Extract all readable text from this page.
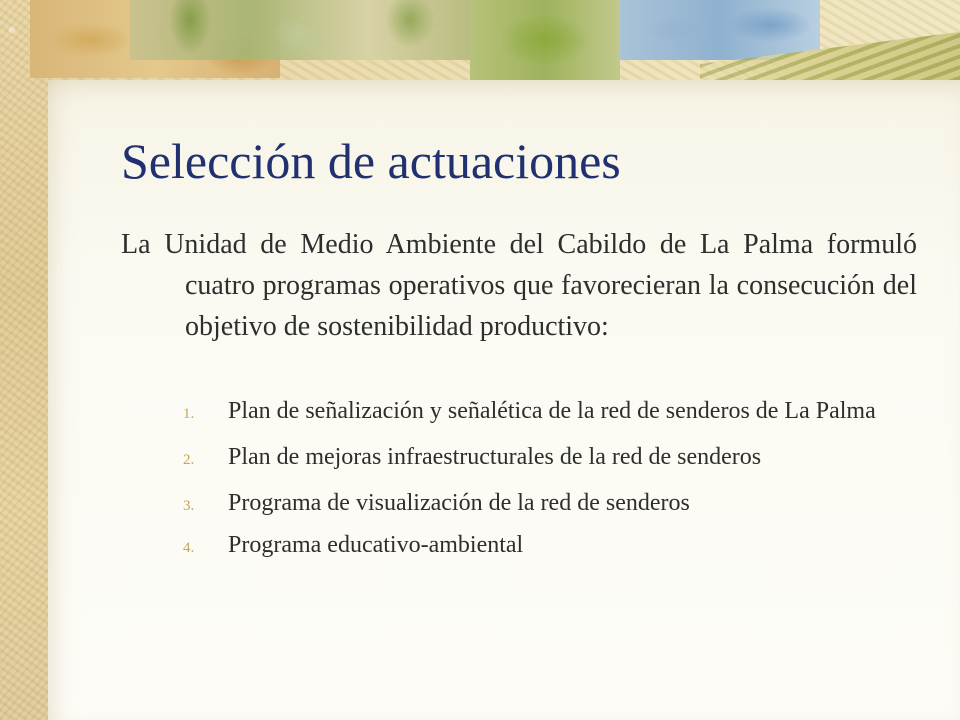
Selección de actuaciones

La Unidad de Medio Ambiente del Cabildo de La Palma formuló cuatro programas operativos que favorecieran la consecución del objetivo de sostenibilidad productivo:

1. Plan de señalización y señalética de la red de senderos de La Palma
2. Plan de mejoras infraestructurales de la red de senderos
3. Programa de visualización de la red de senderos
4. Programa educativo-ambiental
